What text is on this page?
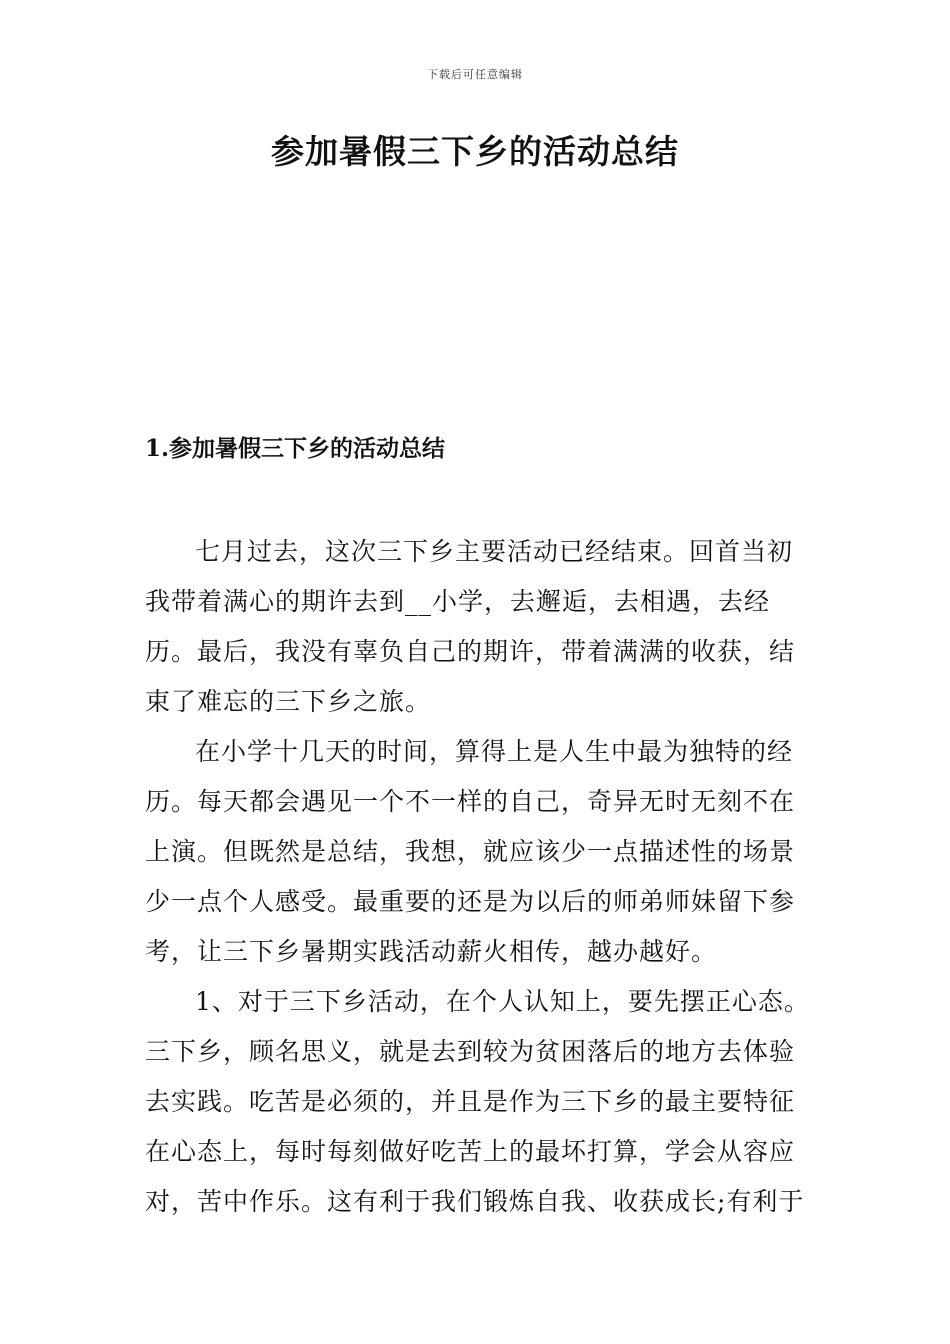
下载后可任意编辑
参加暑假三下乡的活动总结
1.参加暑假三下乡的活动总结

七月过去，这次三下乡主要活动已经结束。回首当初我带着满心的期许去到__小学，去邂逅，去相遇，去经历。最后，我没有辜负自己的期许，带着满满的收获，结束了难忘的三下乡之旅。

在小学十几天的时间，算得上是人生中最为独特的经历。每天都会遇见一个不一样的自己，奇异无时无刻不在上演。但既然是总结，我想，就应该少一点描述性的场景少一点个人感受。最重要的还是为以后的师弟师妹留下参考，让三下乡暑期实践活动薪火相传，越办越好。

1、对于三下乡活动，在个人认知上，要先摆正心态。三下乡，顾名思义，就是去到较为贫困落后的地方去体验去实践。吃苦是必须的，并且是作为三下乡的最主要特征在心态上，每时每刻做好吃苦上的最坏打算，学会从容应对，苦中作乐。这有利于我们锻炼自我、收获成长;有利于
